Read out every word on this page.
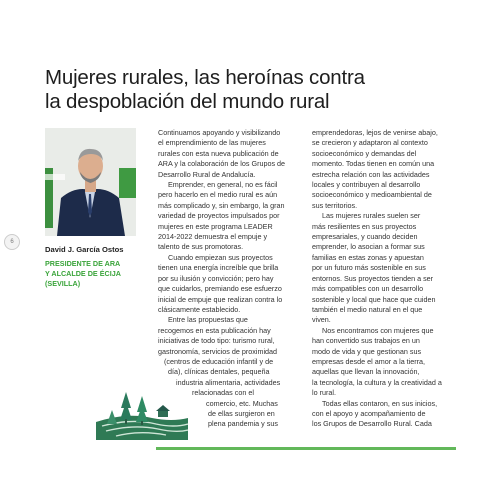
6
Mujeres rurales, las heroínas contra
la despoblación del mundo rural
David J. García Ostos
PRESIDENTE DE ARA
Y ALCALDE DE ÉCIJA
(SEVILLA)
Continuamos apoyando y visibilizando
el emprendimiento de las mujeres
rurales con esta nueva publicación de
ARA y la colaboración de los Grupos de
Desarrollo Rural de Andalucía.
Emprender, en general, no es fácil
pero hacerlo en el medio rural es aún
más complicado y, sin embargo, la gran
variedad de proyectos impulsados por
mujeres en este programa LEADER
2014-2022 demuestra el empuje y
talento de sus promotoras.
Cuando empiezan sus proyectos
tienen una energía increíble que brilla
por su ilusión y convicción; pero hay
que cuidarlos, premiando ese esfuerzo
inicial de empuje que realizan contra lo
clásicamente establecido.
Entre las propuestas que
recogemos en esta publicación hay
iniciativas de todo tipo: turismo rural,
gastronomía, servicios de proximidad
(centros de educación infantil y de
día), clínicas dentales, pequeña
industria alimentaria, actividades
relacionadas con el
comercio, etc. Muchas
de ellas surgieron en
plena pandemia y sus
emprendedoras, lejos de venirse abajo,
se crecieron y adaptaron al contexto
socioeconómico y demandas del
momento. Todas tienen en común una
estrecha relación con las actividades
locales y contribuyen al desarrollo
socioeconómico y medioambiental de
sus territorios.
Las mujeres rurales suelen ser
más resilientes en sus proyectos
empresariales, y cuando deciden
emprender, lo asocian a formar sus
familias en estas zonas y apuestan
por un futuro más sostenible en sus
entornos. Sus proyectos tienden a ser
más compatibles con un desarrollo
sostenible y local que hace que cuiden
también el medio natural en el que
viven.
Nos encontramos con mujeres que
han convertido sus trabajos en un
modo de vida y que gestionan sus
empresas desde el amor a la tierra,
aquellas que llevan la innovación,
la tecnología, la cultura y la creatividad a
lo rural.
Todas ellas contaron, en sus inicios,
con el apoyo y acompañamiento de
los Grupos de Desarrollo Rural. Cada
